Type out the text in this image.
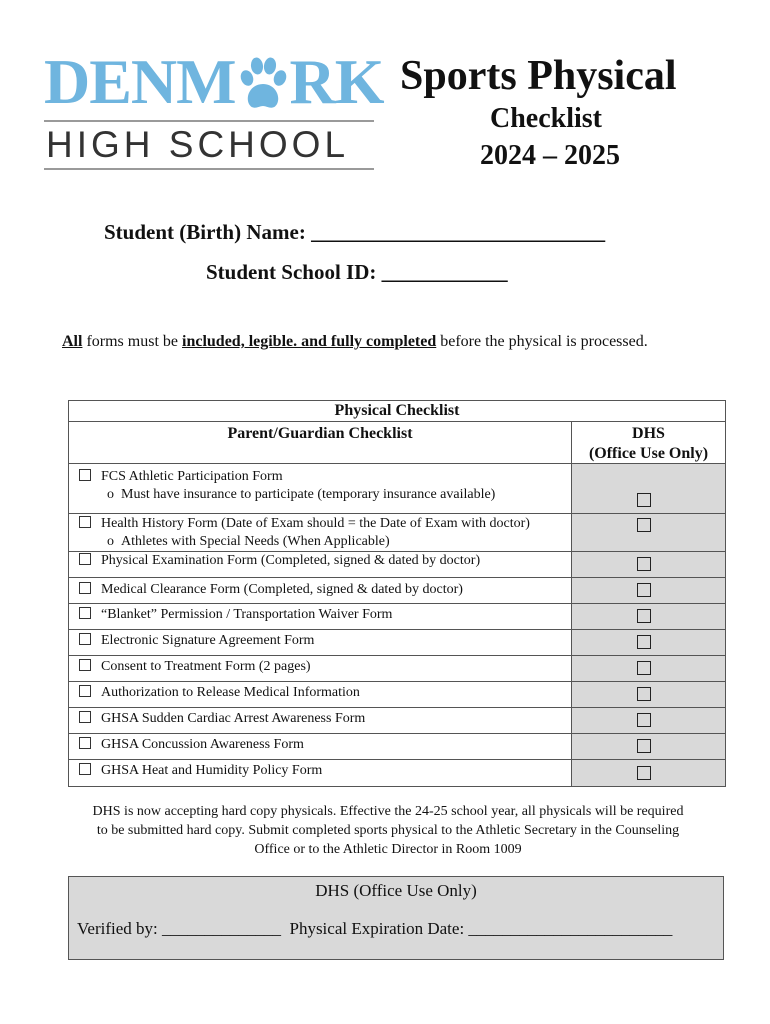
DENM RK
HIGH SCHOOL
Sports Physical
Checklist
2024 – 2025
Student (Birth) Name: ____________________________
Student School ID: ____________
All forms must be included, legible. and fully completed before the physical is processed.
Physical Checklist
Parent/Guardian Checklist
FCS Athletic Participation Form
o Must have insurance to participate (temporary insurance available)
Health History Form (Date of Exam should = the Date of Exam with doctor)
o Athletes with Special Needs (When Applicable)
Physical Examination Form (Completed, signed & dated by doctor)
Medical Clearance Form (Completed, signed & dated by doctor)
“Blanket” Permission / Transportation Waiver Form
Electronic Signature Agreement Form
Consent to Treatment Form (2 pages)
Authorization to Release Medical Information
GHSA Sudden Cardiac Arrest Awareness Form
GHSA Concussion Awareness Form
GHSA Heat and Humidity Policy Form
DHS
(Office Use Only)
DHS is now accepting hard copy physicals. Effective the 24-25 school year, all physicals will be required
to be submitted hard copy. Submit completed sports physical to the Athletic Secretary in the Counseling
Office or to the Athletic Director in Room 1009
DHS (Office Use Only)
Verified by: ______________ Physical Expiration Date: ________________________
